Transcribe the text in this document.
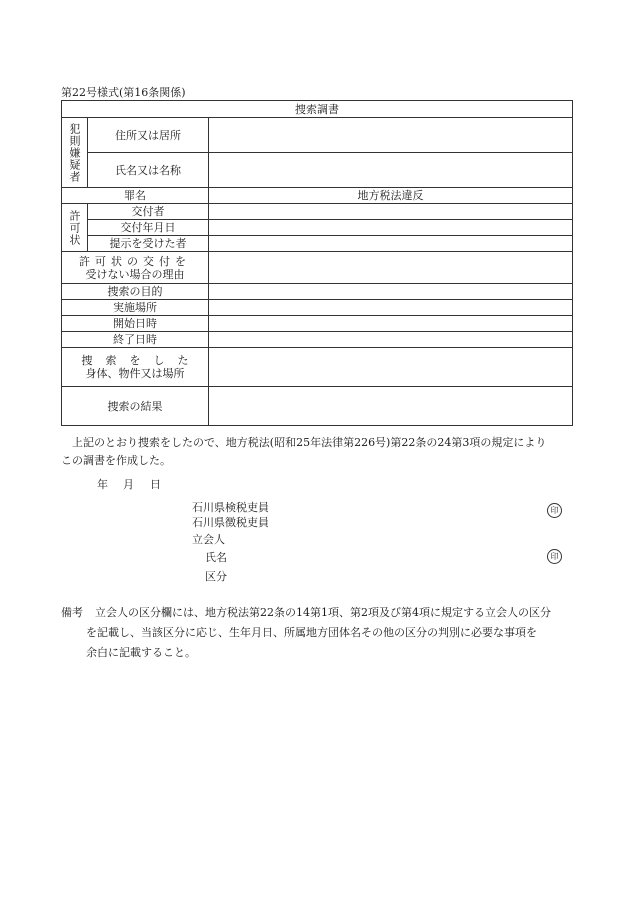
第22号様式(第16条関係)
捜索調書		

犯則嫌疑者	住所又は居所	
	氏名又は名称	
罪名		地方税法違反

許可状	交付者	
	交付年月日	
	提示を受けた者	

許可状の交付を
受けない場合の理由		

捜索の目的		
実施場所		
開始日時		
終了日時		

捜索をした
身体、物件又は場所		

捜索の結果		
上記のとおり捜索をしたので、地方税法(昭和25年法律第226号)第22条の24第3項の規定により
この調書を作成した。
年 月 日
石川県検税吏員
石川県徴税吏員
印
立会人
氏名	印
区分
備考 立会人の区分欄には、地方税法第22条の14第1項、第2項及び第4項に規定する立会人の区分
を記載し、当該区分に応じ、生年月日、所属地方団体名その他の区分の判別に必要な事項を
余白に記載すること。
